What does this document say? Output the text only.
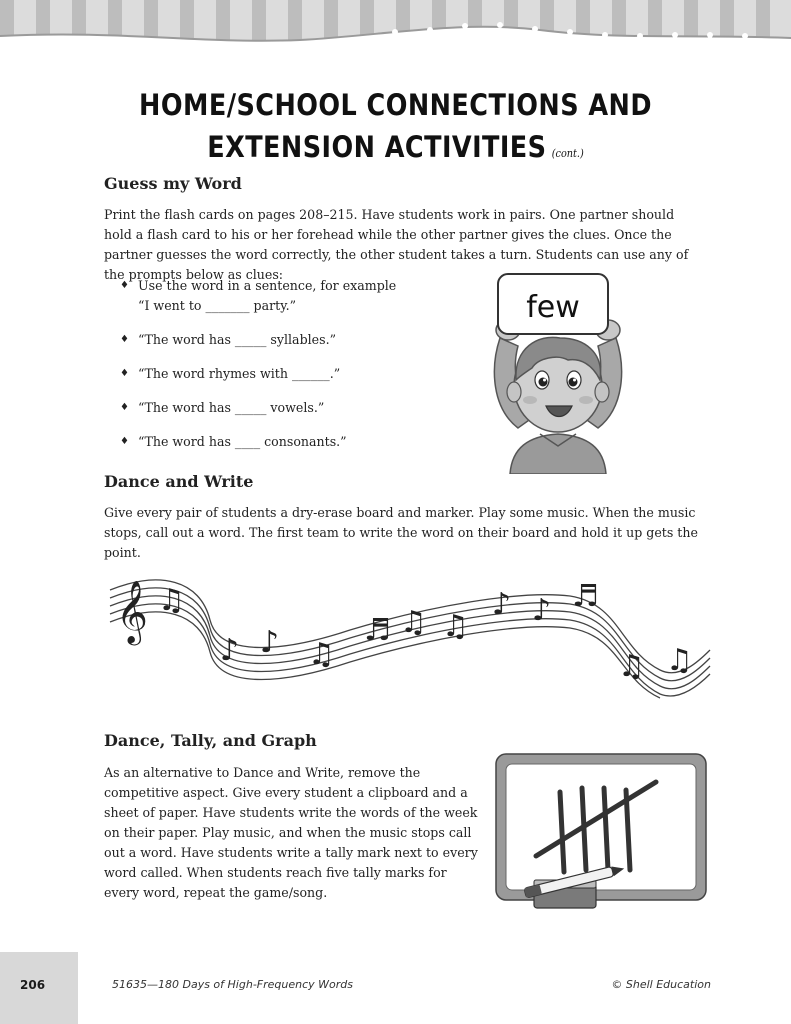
HOME/SCHOOL CONNECTIONS AND
EXTENSION ACTIVITIES (cont.)
Guess my Word

Print the flash cards on pages 208–215. Have students work in pairs. One partner should hold a flash card to his or her forehead while the other partner gives the clues. Once the partner guesses the word correctly, the other student takes a turn. Students can use any of the prompts below as clues:

♦ Use the word in a sentence, for example
“I went to _______ party.”
♦ “The word has _____ syllables.”
♦ “The word rhymes with ______.”
♦ “The word has _____ vowels.”
♦ “The word has ____ consonants.”
few
Dance and Write

Give every pair of students a dry-erase board and marker. Play some music. When the music stops, call out a word. The first team to write the word on their board and hold it up gets the point.

𝄞 ♫
♪ ♪ ♫
♬ ♫ ♫
♪ ♪ ♬
♫ ♫
Dance, Tally, and Graph

As an alternative to Dance and Write, remove the competitive aspect. Give every student a clipboard and a sheet of paper. Have students write the words of the week on their paper. Play music, and when the music stops call out a word. Have students write a tally mark next to every word called. When students reach five tally marks for every word, repeat the game/song.

206	51635—180 Days of High-Frequency Words	© Shell Education
